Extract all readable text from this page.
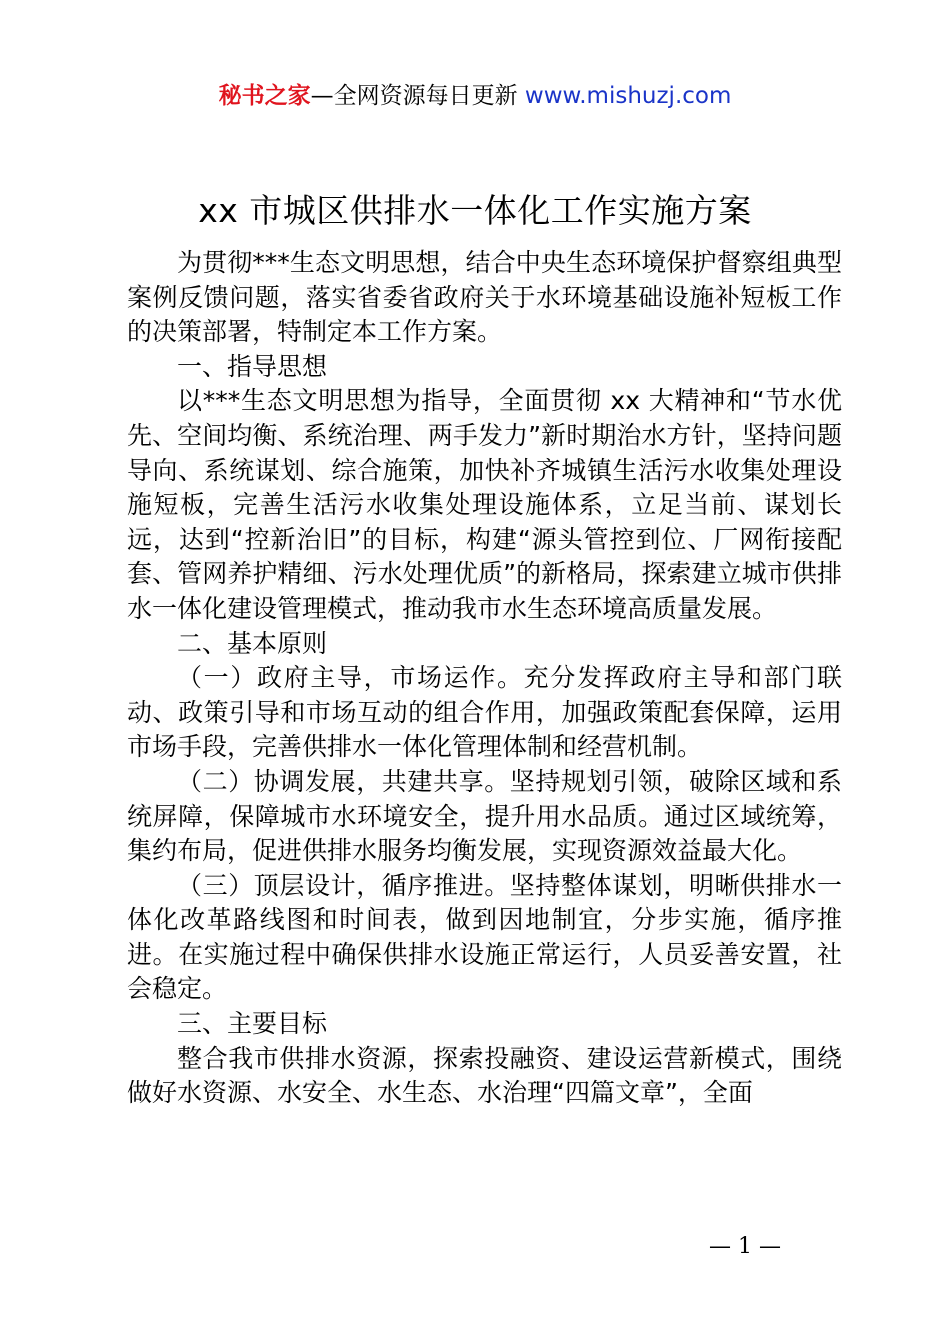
秘书之家—全网资源每日更新 www.mishuzj.com
xx 市城区供排水一体化工作实施方案

为贯彻***生态文明思想，结合中央生态环境保护督察组典型案例反馈问题，落实省委省政府关于水环境基础设施补短板工作的决策部署，特制定本工作方案。

一、指导思想

以***生态文明思想为指导，全面贯彻 xx 大精神和“节水优先、空间均衡、系统治理、两手发力”新时期治水方针，坚持问题导向、系统谋划、综合施策，加快补齐城镇生活污水收集处理设施短板，完善生活污水收集处理设施体系，立足当前、谋划长远，达到“控新治旧”的目标，构建“源头管控到位、厂网衔接配套、管网养护精细、污水处理优质”的新格局，探索建立城市供排水一体化建设管理模式，推动我市水生态环境高质量发展。

二、基本原则

（一）政府主导，市场运作。充分发挥政府主导和部门联动、政策引导和市场互动的组合作用，加强政策配套保障，运用市场手段，完善供排水一体化管理体制和经营机制。

（二）协调发展，共建共享。坚持规划引领，破除区域和系统屏障，保障城市水环境安全，提升用水品质。通过区域统筹，集约布局，促进供排水服务均衡发展，实现资源效益最大化。

（三）顶层设计，循序推进。坚持整体谋划，明晰供排水一体化改革路线图和时间表，做到因地制宜，分步实施，循序推进。在实施过程中确保供排水设施正常运行，人员妥善安置，社会稳定。

三、主要目标

整合我市供排水资源，探索投融资、建设运营新模式，围绕做好水资源、水安全、水生态、水治理“四篇文章”，全面

— 1 —
